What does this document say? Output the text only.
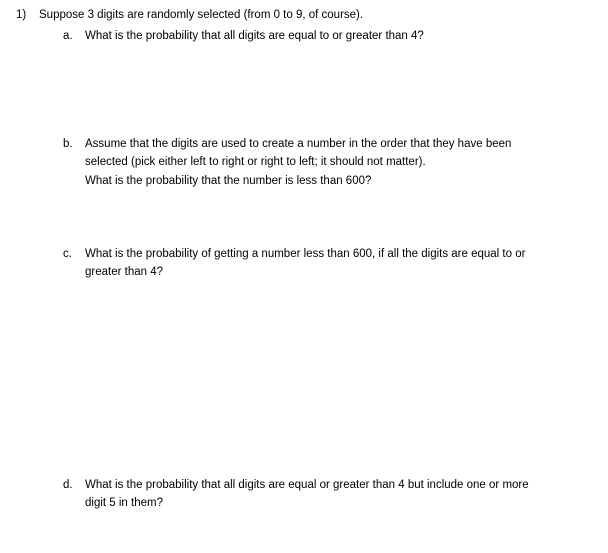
1) Suppose 3 digits are randomly selected (from 0 to 9, of course).
a. What is the probability that all digits are equal to or greater than 4?
b. Assume that the digits are used to create a number in the order that they have been
selected (pick either left to right or right to left; it should not matter).
What is the probability that the number is less than 600?
c. What is the probability of getting a number less than 600, if all the digits are equal to or
greater than 4?
d. What is the probability that all digits are equal or greater than 4 but include one or more
digit 5 in them?
